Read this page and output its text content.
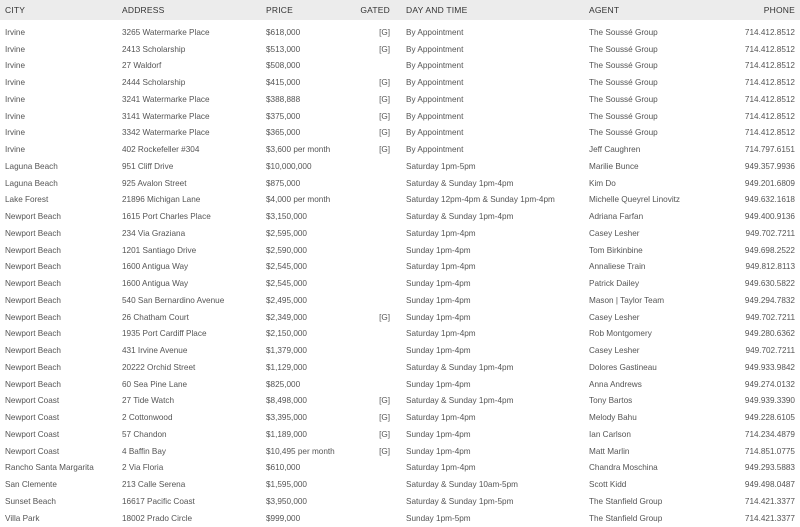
CITY	ADDRESS	PRICE	GATED	DAY AND TIME	AGENT	PHONE
Irvine	3265 Watermarke Place	$618,000	[G]	By Appointment	The Soussé Group	714.412.8512
Irvine	2413 Scholarship	$513,000	[G]	By Appointment	The Soussé Group	714.412.8512
Irvine	27 Waldorf	$508,000		By Appointment	The Soussé Group	714.412.8512
Irvine	2444 Scholarship	$415,000	[G]	By Appointment	The Soussé Group	714.412.8512
Irvine	3241 Watermarke Place	$388,888	[G]	By Appointment	The Soussé Group	714.412.8512
Irvine	3141 Watermarke Place	$375,000	[G]	By Appointment	The Soussé Group	714.412.8512
Irvine	3342 Watermarke Place	$365,000	[G]	By Appointment	The Soussé Group	714.412.8512
Irvine	402 Rockefeller #304	$3,600 per month	[G]	By Appointment	Jeff Caughren	714.797.6151
Laguna Beach	951 Cliff Drive	$10,000,000		Saturday 1pm-5pm	Marilie Bunce	949.357.9936
Laguna Beach	925 Avalon Street	$875,000		Saturday & Sunday 1pm-4pm	Kim Do	949.201.6809
Lake Forest	21896 Michigan Lane	$4,000 per month		Saturday 12pm-4pm & Sunday 1pm-4pm	Michelle Queyrel Linovitz	949.632.1618
Newport Beach	1615 Port Charles Place	$3,150,000		Saturday & Sunday 1pm-4pm	Adriana Farfan	949.400.9136
Newport Beach	234 Via Graziana	$2,595,000		Saturday 1pm-4pm	Casey Lesher	949.702.7211
Newport Beach	1201 Santiago Drive	$2,590,000		Sunday 1pm-4pm	Tom Birkinbine	949.698.2522
Newport Beach	1600 Antigua Way	$2,545,000		Saturday 1pm-4pm	Annaliese Train	949.812.8113
Newport Beach	1600 Antigua Way	$2,545,000		Sunday 1pm-4pm	Patrick Dailey	949.630.5822
Newport Beach	540 San Bernardino Avenue	$2,495,000		Sunday 1pm-4pm	Mason | Taylor Team	949.294.7832
Newport Beach	26 Chatham Court	$2,349,000	[G]	Sunday 1pm-4pm	Casey Lesher	949.702.7211
Newport Beach	1935 Port Cardiff Place	$2,150,000		Saturday 1pm-4pm	Rob Montgomery	949.280.6362
Newport Beach	431 Irvine Avenue	$1,379,000		Sunday 1pm-4pm	Casey Lesher	949.702.7211
Newport Beach	20222 Orchid Street	$1,129,000		Saturday & Sunday 1pm-4pm	Dolores Gastineau	949.933.9842
Newport Beach	60 Sea Pine Lane	$825,000		Sunday 1pm-4pm	Anna Andrews	949.274.0132
Newport Coast	27 Tide Watch	$8,498,000	[G]	Saturday & Sunday 1pm-4pm	Tony Bartos	949.939.3390
Newport Coast	2 Cottonwood	$3,395,000	[G]	Saturday 1pm-4pm	Melody Bahu	949.228.6105
Newport Coast	57 Chandon	$1,189,000	[G]	Sunday 1pm-4pm	Ian Carlson	714.234.4879
Newport Coast	4 Baffin Bay	$10,495 per month	[G]	Sunday 1pm-4pm	Matt Marlin	714.851.0775
Rancho Santa Margarita	2 Via Floria	$610,000		Saturday 1pm-4pm	Chandra Moschina	949.293.5883
San Clemente	213 Calle Serena	$1,595,000		Saturday & Sunday 10am-5pm	Scott Kidd	949.498.0487
Sunset Beach	16617 Pacific Coast	$3,950,000		Saturday & Sunday 1pm-5pm	The Stanfield Group	714.421.3377
Villa Park	18002 Prado Circle	$999,000		Sunday 1pm-5pm	The Stanfield Group	714.421.3377
